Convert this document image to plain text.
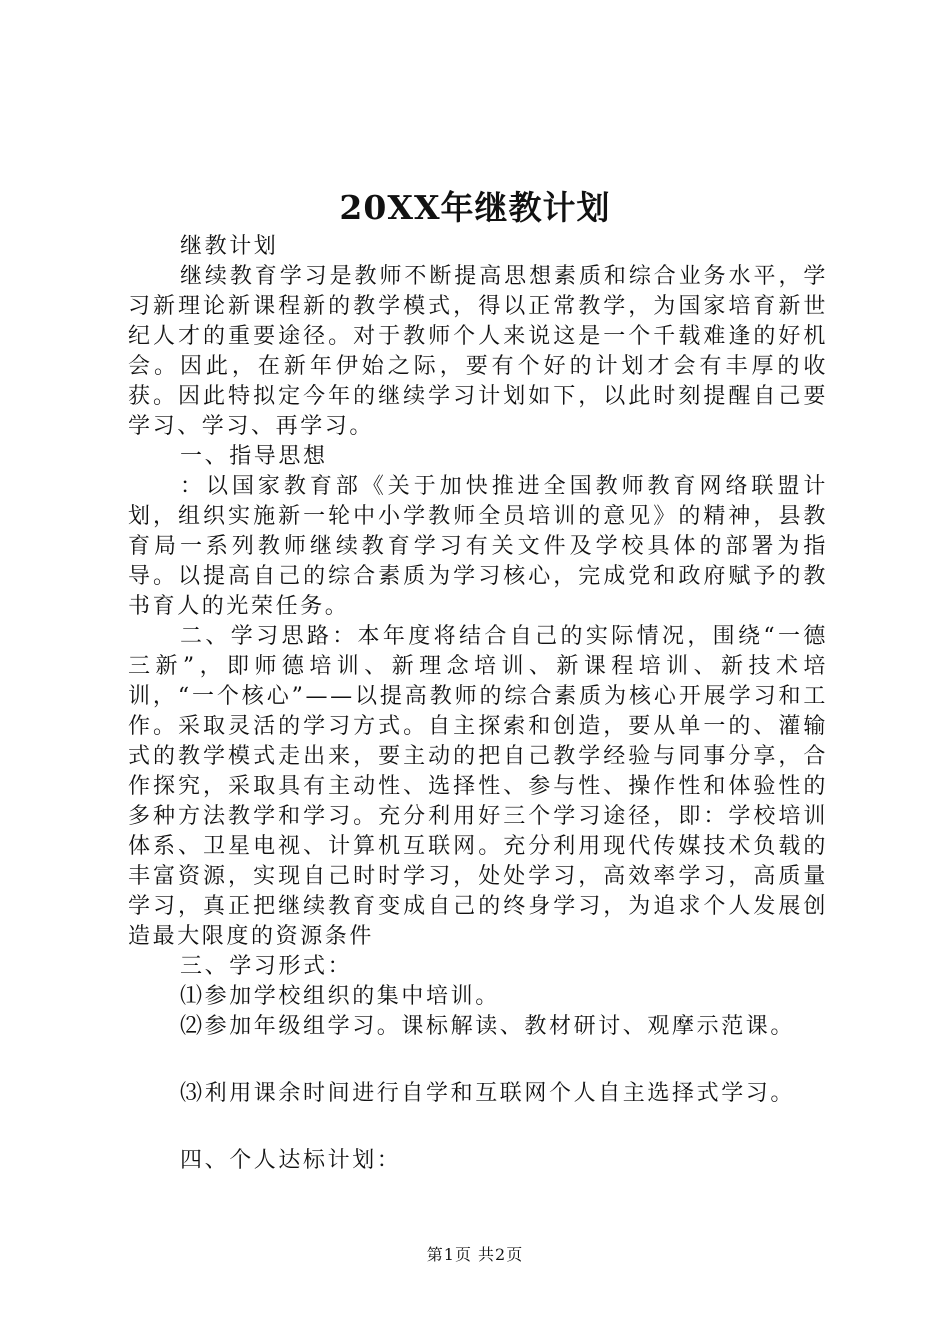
20XX年继教计划

继教计划

继续教育学习是教师不断提高思想素质和综合业务水平，学习新理论新课程新的教学模式，得以正常教学，为国家培育新世纪人才的重要途径。对于教师个人来说这是一个千载难逢的好机会。因此，在新年伊始之际，要有个好的计划才会有丰厚的收获。因此特拟定今年的继续学习计划如下，以此时刻提醒自己要学习、学习、再学习。

一、指导思想

：以国家教育部《关于加快推进全国教师教育网络联盟计划，组织实施新一轮中小学教师全员培训的意见》的精神，县教育局一系列教师继续教育学习有关文件及学校具体的部署为指导。以提高自己的综合素质为学习核心，完成党和政府赋予的教书育人的光荣任务。

二、学习思路：本年度将结合自己的实际情况，围绕“一德三新”，即师德培训、新理念培训、新课程培训、新技术培训，“一个核心”——以提高教师的综合素质为核心开展学习和工作。采取灵活的学习方式。自主探索和创造，要从单一的、灌输式的教学模式走出来，要主动的把自己教学经验与同事分享，合作探究，采取具有主动性、选择性、参与性、操作性和体验性的多种方法教学和学习。充分利用好三个学习途径，即：学校培训体系、卫星电视、计算机互联网。充分利用现代传媒技术负载的丰富资源，实现自己时时学习，处处学习，高效率学习，高质量学习，真正把继续教育变成自己的终身学习，为追求个人发展创造最大限度的资源条件

三、学习形式：

⑴参加学校组织的集中培训。

⑵参加年级组学习。课标解读、教材研讨、观摩示范课。

⑶利用课余时间进行自学和互联网个人自主选择式学习。

四、个人达标计划：

第1页 共2页
